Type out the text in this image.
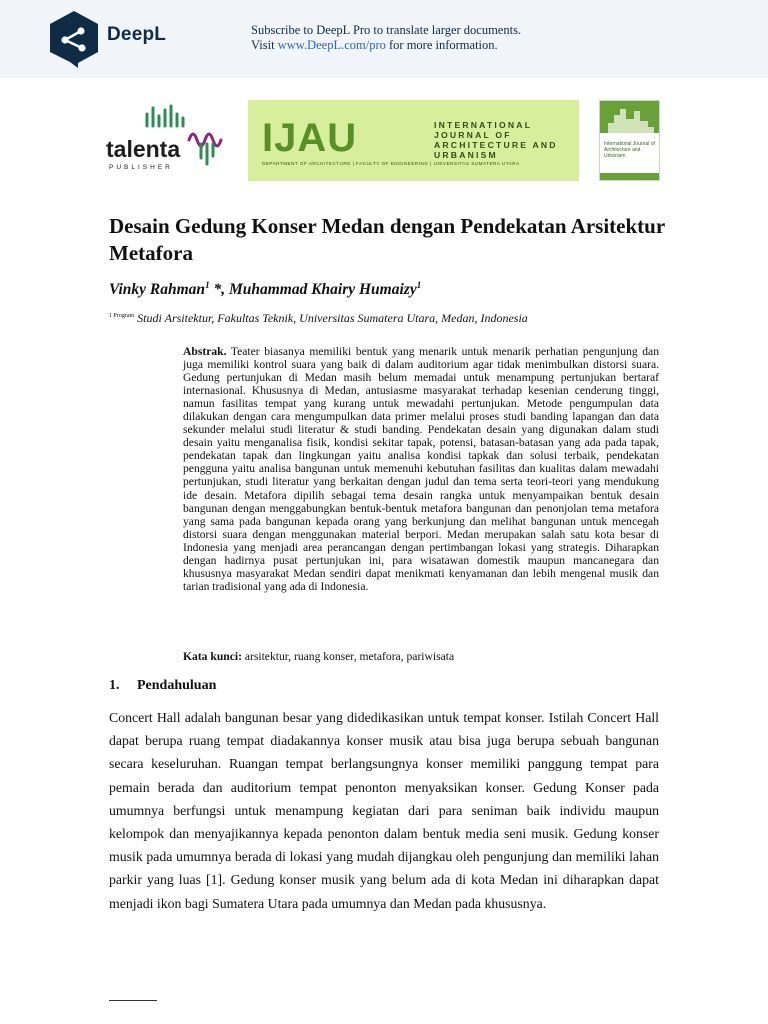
DeepL	Subscribe to DeepL Pro to translate larger documents.
Visit www.DeepL.com/pro for more information.
talenta
PUBLISHER
IJAU	INTERNATIONAL JOURNAL OF ARCHITECTURE AND URBANISM
DEPARTMENT OF ARCHITECTURE | FACULTY OF ENGINEERING | UNIVERSITAS SUMATERA UTARA
International Journal of Architecture and Urbanism
Desain Gedung Konser Medan dengan Pendekatan Arsitektur Metafora
Vinky Rahman$^1$ *, Muhammad Khairy Humaizy$^1$
$^{1 Program}$ Studi Arsitektur, Fakultas Teknik, Universitas Sumatera Utara, Medan, Indonesia
Abstrak. Teater biasanya memiliki bentuk yang menarik untuk menarik perhatian pengunjung dan juga memiliki kontrol suara yang baik di dalam auditorium agar tidak menimbulkan distorsi suara. Gedung pertunjukan di Medan masih belum memadai untuk menampung pertunjukan bertaraf internasional. Khususnya di Medan, antusiasme masyarakat terhadap kesenian cenderung tinggi, namun fasilitas tempat yang kurang untuk mewadahi pertunjukan. Metode pengumpulan data dilakukan dengan cara mengumpulkan data primer melalui proses studi banding lapangan dan data sekunder melalui studi literatur & studi banding. Pendekatan desain yang digunakan dalam studi desain yaitu menganalisa fisik, kondisi sekitar tapak, potensi, batasan-batasan yang ada pada tapak, pendekatan tapak dan lingkungan yaitu analisa kondisi tapkak dan solusi terbaik, pendekatan pengguna yaitu analisa bangunan untuk memenuhi kebutuhan fasilitas dan kualitas dalam mewadahi pertunjukan, studi literatur yang berkaitan dengan judul dan tema serta teori-teori yang mendukung ide desain. Metafora dipilih sebagai tema desain rangka untuk menyampaikan bentuk desain bangunan dengan menggabungkan bentuk-bentuk metafora bangunan dan penonjolan tema metafora yang sama pada bangunan kepada orang yang berkunjung dan melihat bangunan untuk mencegah distorsi suara dengan menggunakan material berpori. Medan merupakan salah satu kota besar di Indonesia yang menjadi area perancangan dengan pertimbangan lokasi yang strategis. Diharapkan dengan hadirnya pusat pertunjukan ini, para wisatawan domestik maupun mancanegara dan khususnya masyarakat Medan sendiri dapat menikmati kenyamanan dan lebih mengenal musik dan tarian tradisional yang ada di Indonesia.
Kata kunci: arsitektur, ruang konser, metafora, pariwisata
1. Pendahuluan
Concert Hall adalah bangunan besar yang didedikasikan untuk tempat konser. Istilah Concert Hall dapat berupa ruang tempat diadakannya konser musik atau bisa juga berupa sebuah bangunan secara keseluruhan. Ruangan tempat berlangsungnya konser memiliki panggung tempat para pemain berada dan auditorium tempat penonton menyaksikan konser. Gedung Konser pada umumnya berfungsi untuk menampung kegiatan dari para seniman baik individu maupun kelompok dan menyajikannya kepada penonton dalam bentuk media seni musik. Gedung konser musik pada umumnya berada di lokasi yang mudah dijangkau oleh pengunjung dan memiliki lahan parkir yang luas [1]. Gedung konser musik yang belum ada di kota Medan ini diharapkan dapat menjadi ikon bagi Sumatera Utara pada umumnya dan Medan pada khususnya.
